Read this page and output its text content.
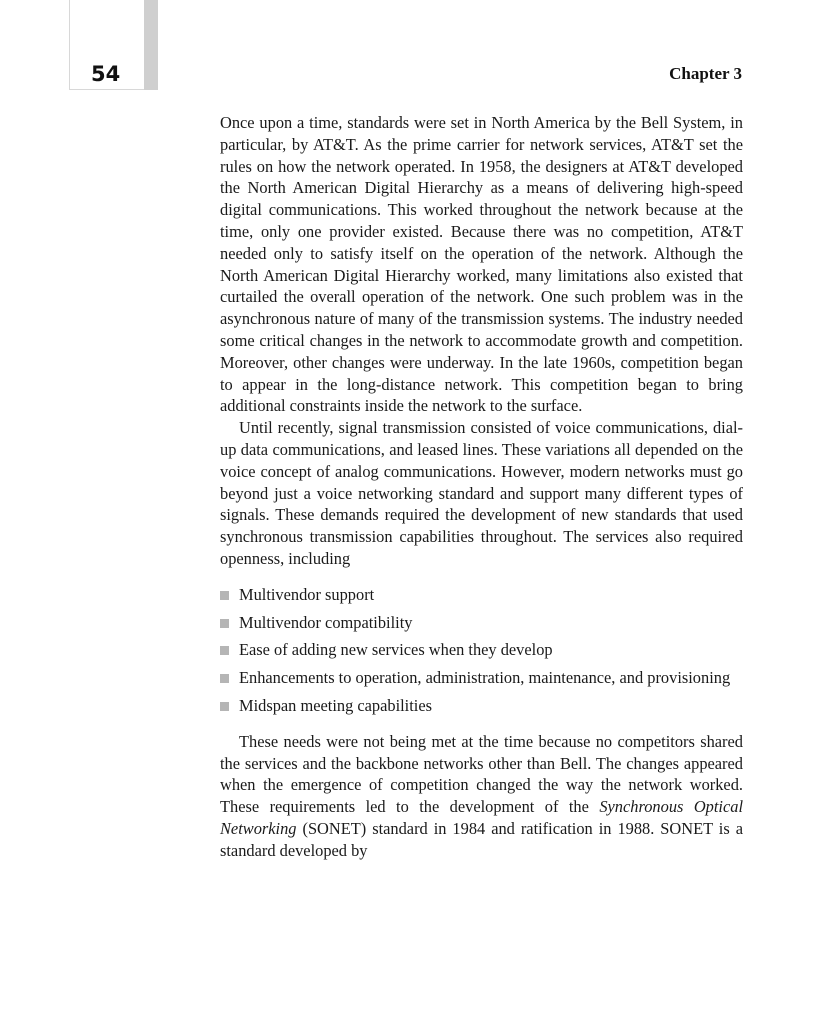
54	Chapter 3

Once upon a time, standards were set in North America by the Bell System, in particular, by AT&T. As the prime carrier for network services, AT&T set the rules on how the network operated. In 1958, the designers at AT&T developed the North American Digital Hierarchy as a means of delivering high-speed digital communications. This worked throughout the network because at the time, only one provider existed. Because there was no competition, AT&T needed only to satisfy itself on the operation of the network. Although the North American Digital Hierarchy worked, many limitations also existed that curtailed the overall operation of the network. One such problem was in the asynchronous nature of many of the transmission systems. The industry needed some critical changes in the network to accommodate growth and competition. Moreover, other changes were underway. In the late 1960s, competition began to appear in the long-distance network. This competition began to bring additional constraints inside the network to the surface.

Until recently, signal transmission consisted of voice communications, dial-up data communications, and leased lines. These variations all depended on the voice concept of analog communications. However, modern networks must go beyond just a voice networking standard and support many different types of signals. These demands required the development of new standards that used synchronous transmission capabilities throughout. The services also required openness, including

Multivendor support
Multivendor compatibility
Ease of adding new services when they develop
Enhancements to operation, administration, maintenance, and provisioning
Midspan meeting capabilities

These needs were not being met at the time because no competitors shared the services and the backbone networks other than Bell. The changes appeared when the emergence of competition changed the way the network worked. These requirements led to the development of the Synchronous Optical Networking (SONET) standard in 1984 and ratification in 1988. SONET is a standard developed by
